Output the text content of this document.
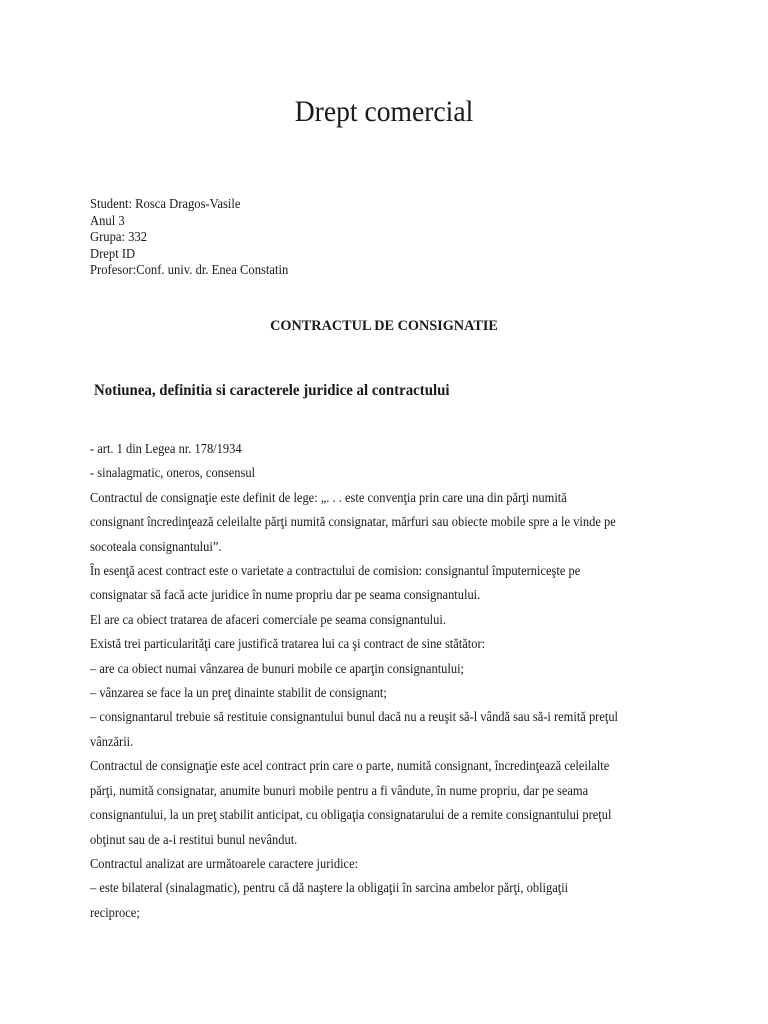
Drept comercial
Student: Rosca Dragos-Vasile
Anul 3
Grupa: 332
Drept ID
Profesor:Conf. univ. dr. Enea Constatin
CONTRACTUL DE CONSIGNATIE
Notiunea, definitia si caracterele juridice al contractului

- art. 1 din Legea nr. 178/1934

- sinalagmatic, oneros, consensul

Contractul de consignaţie este definit de lege: „. . . este convenţia prin care una din părţi numită

consignant încredinţează celeilalte părţi numită consignatar, mărfuri sau obiecte mobile spre a le vinde pe

socoteala consignantului”.

În esenţă acest contract este o varietate a contractului de comision: consignantul împuterniceşte pe

consignatar să facă acte juridice în nume propriu dar pe seama consignantului.

El are ca obiect tratarea de afaceri comerciale pe seama consignantului.

Există trei particularităţi care justifică tratarea lui ca şi contract de sine stătător:

– are ca obiect numai vânzarea de bunuri mobile ce aparţin consignantului;

– vânzarea se face la un preţ dinainte stabilit de consignant;

– consignantarul trebuie să restituie consignantului bunul dacă nu a reuşit să-l vândă sau să-i remită preţul

vânzării.

Contractul de consignaţie este acel contract prin care o parte, numită consignant, încredinţează celeilalte

părţi, numită consignatar, anumite bunuri mobile pentru a fi vândute, în nume propriu, dar pe seama

consignantului, la un preţ stabilit anticipat, cu obligaţia consignatarului de a remite consignantului preţul

obţinut sau de a-i restitui bunul nevândut.

Contractul analizat are următoarele caractere juridice:

– este bilateral (sinalagmatic), pentru că dă naştere la obligaţii în sarcina ambelor părţi, obligaţii

reciproce;
